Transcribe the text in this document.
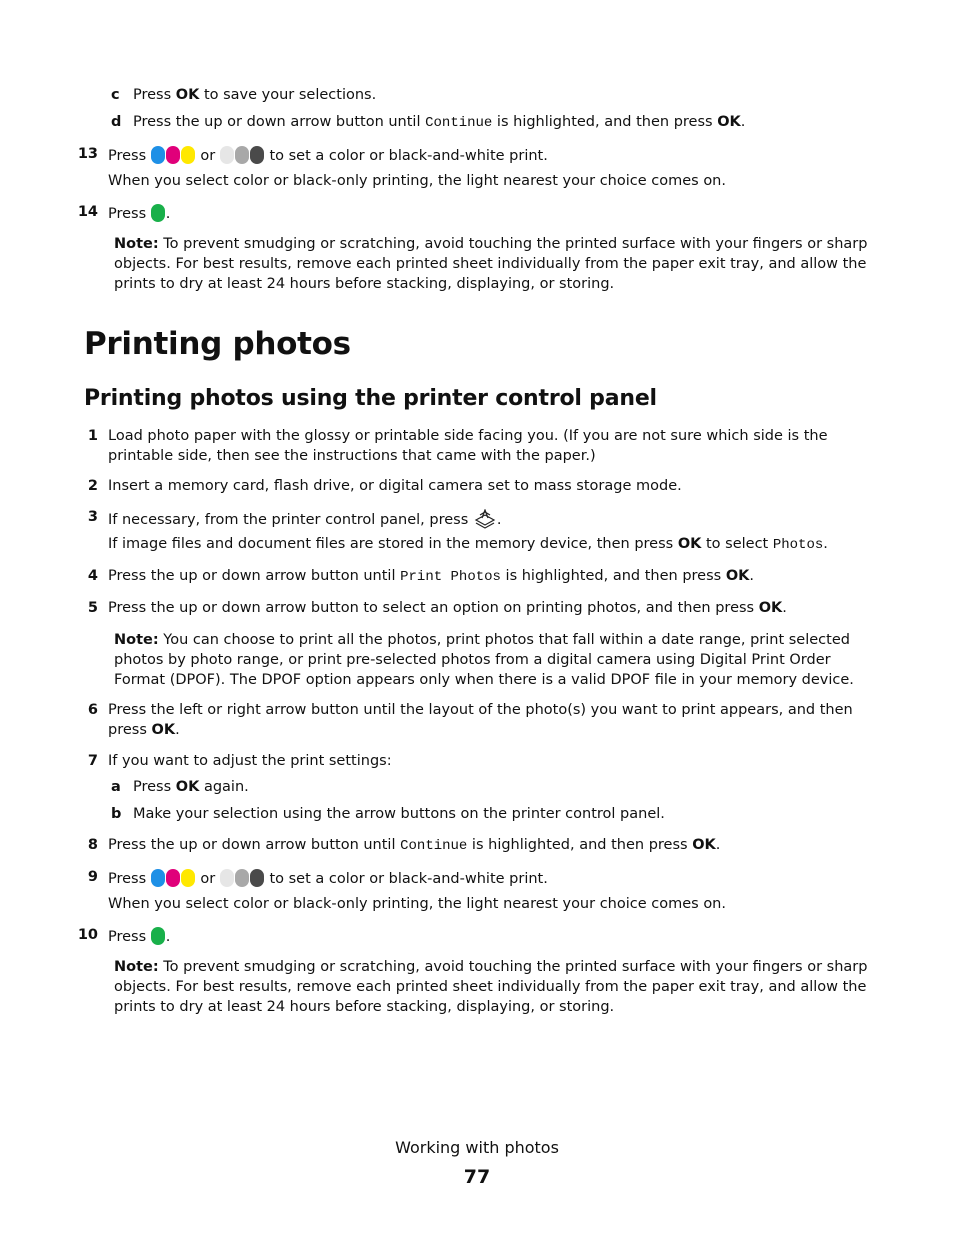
c Press OK to save your selections.
d Press the up or down arrow button until Continue is highlighted, and then press OK.
13 Press	or	to set a color or black-and-white print.
When you select color or black-only printing, the light nearest your choice comes on.
14 Press .
Note: To prevent smudging or scratching, avoid touching the printed surface with your fingers or sharp objects. For best results, remove each printed sheet individually from the paper exit tray, and allow the prints to dry at least 24 hours before stacking, displaying, or storing.
Printing photos
Printing photos using the printer control panel
1 Load photo paper with the glossy or printable side facing you. (If you are not sure which side is the printable side, then see the instructions that came with the paper.)
2 Insert a memory card, flash drive, or digital camera set to mass storage mode.
3 If necessary, from the printer control panel, press .
If image files and document files are stored in the memory device, then press OK to select Photos.
4 Press the up or down arrow button until Print Photos is highlighted, and then press OK.
5 Press the up or down arrow button to select an option on printing photos, and then press OK.
Note: You can choose to print all the photos, print photos that fall within a date range, print selected photos by photo range, or print pre-selected photos from a digital camera using Digital Print Order Format (DPOF). The DPOF option appears only when there is a valid DPOF file in your memory device.
6 Press the left or right arrow button until the layout of the photo(s) you want to print appears, and then press OK.
7 If you want to adjust the print settings:
a Press OK again.
b Make your selection using the arrow buttons on the printer control panel.
8 Press the up or down arrow button until Continue is highlighted, and then press OK.
9 Press	or	to set a color or black-and-white print.
When you select color or black-only printing, the light nearest your choice comes on.
10 Press .
Note: To prevent smudging or scratching, avoid touching the printed surface with your fingers or sharp objects. For best results, remove each printed sheet individually from the paper exit tray, and allow the prints to dry at least 24 hours before stacking, displaying, or storing.
Working with photos
77
